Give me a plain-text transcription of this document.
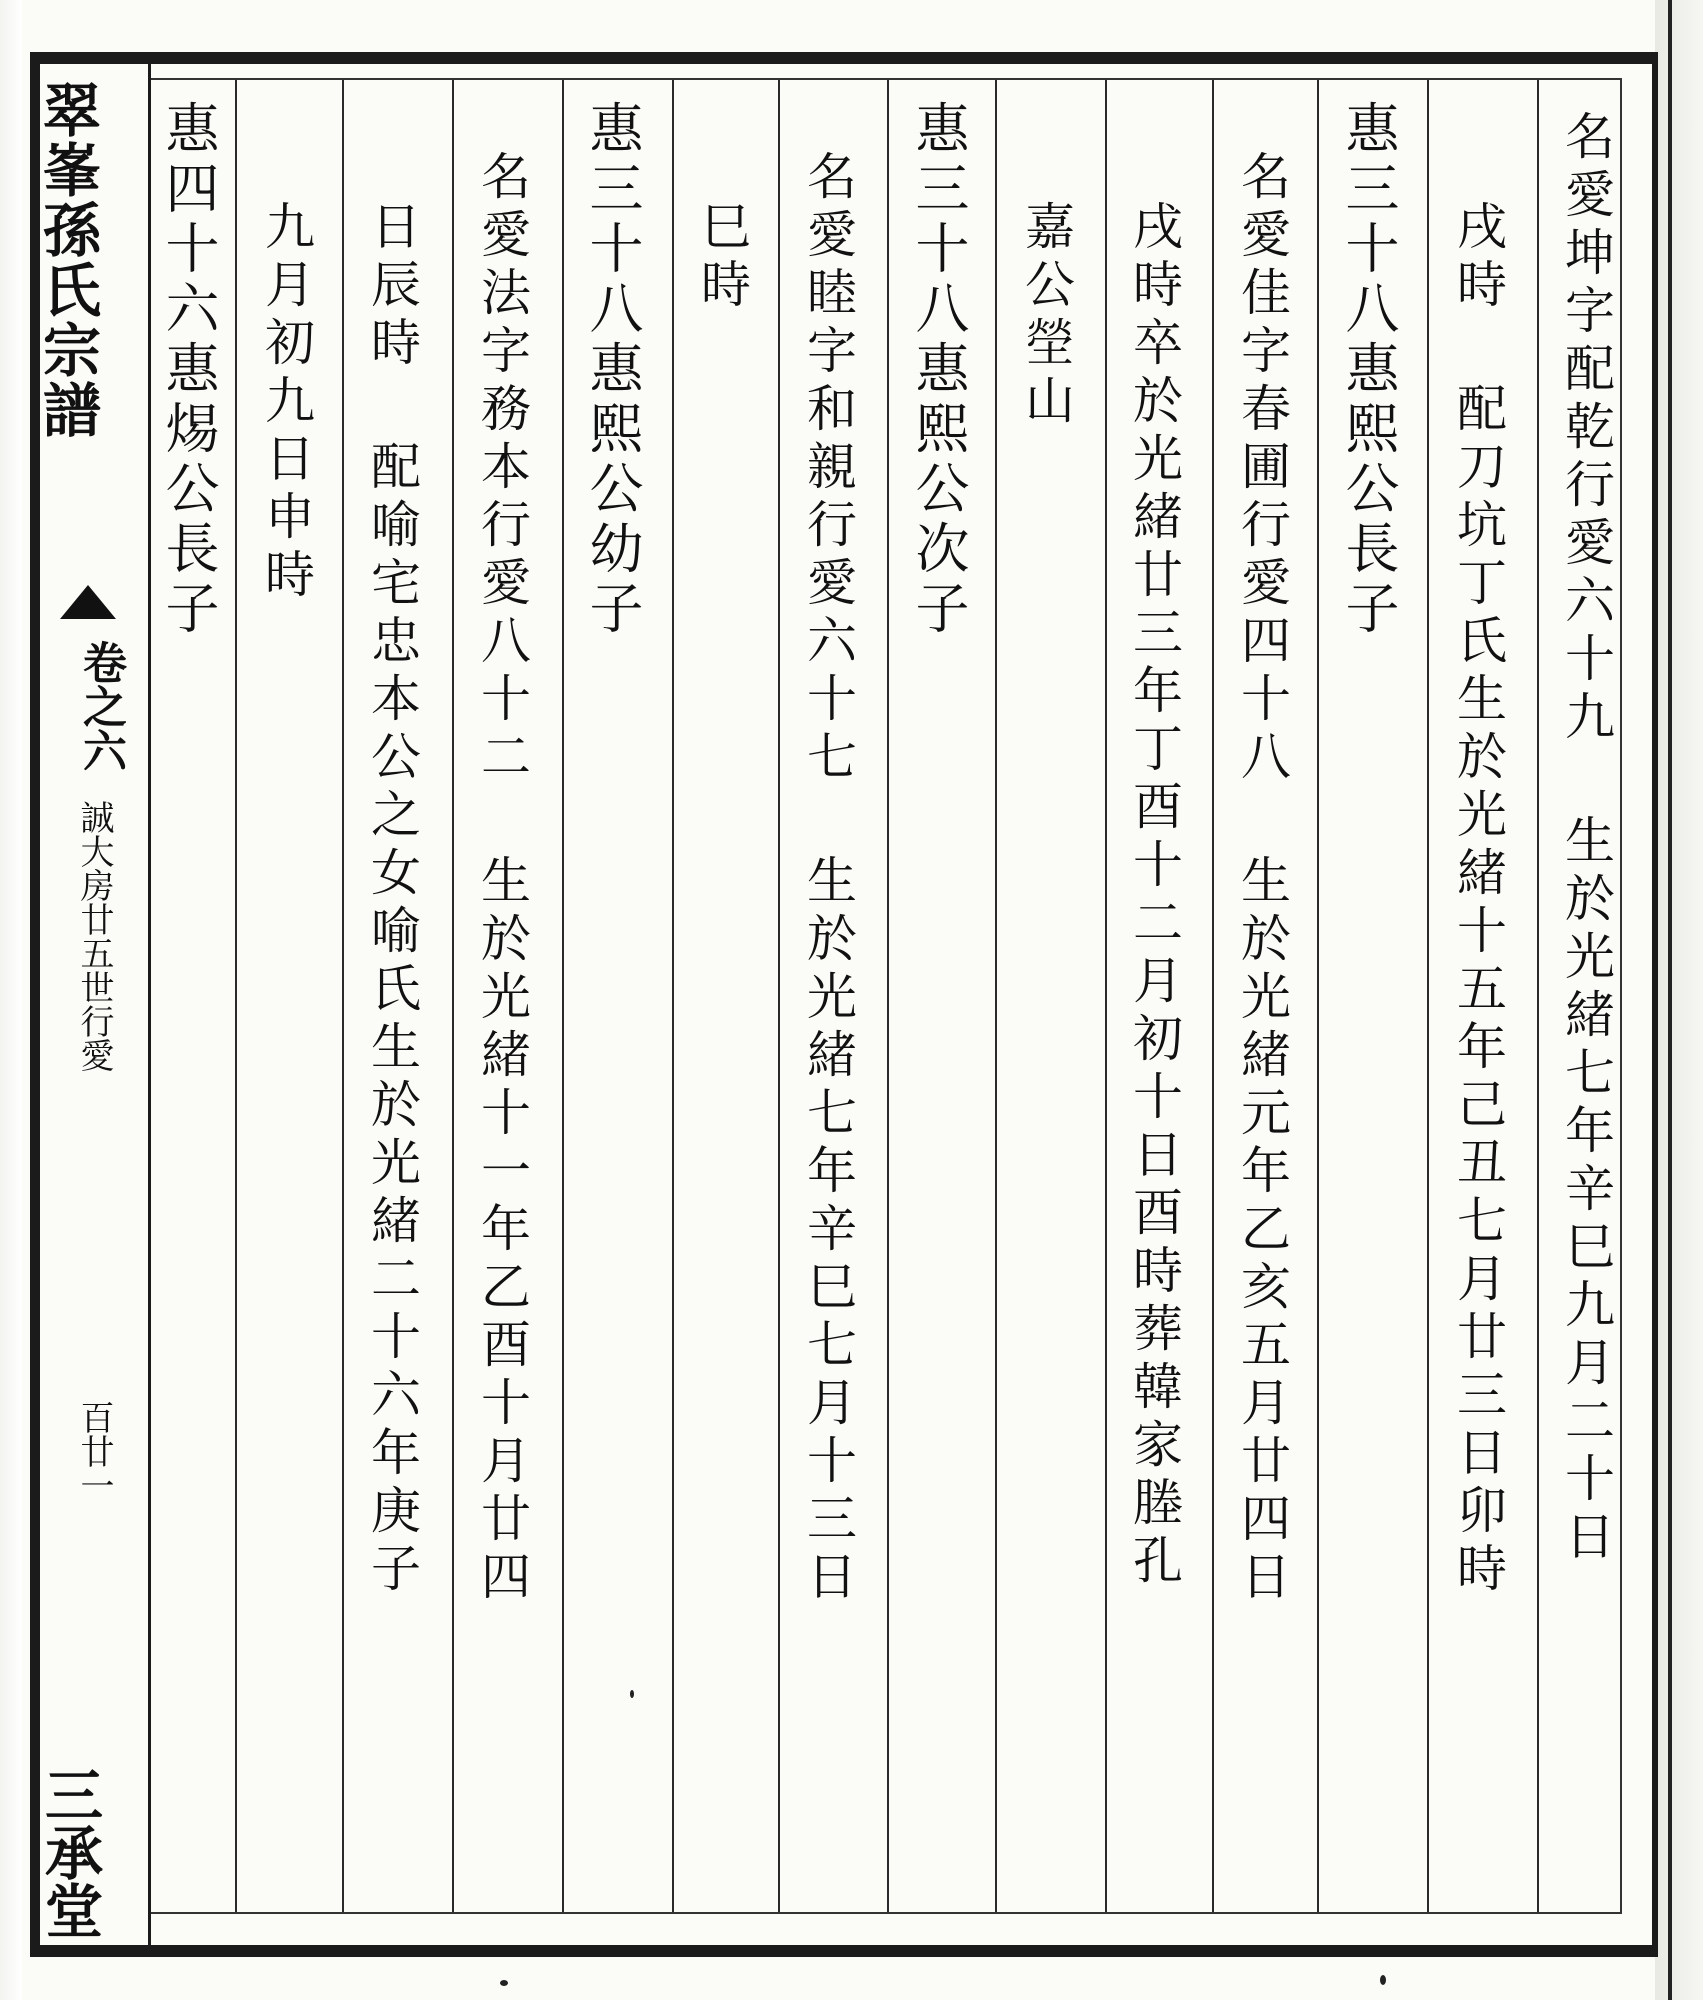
翠峯孫氏宗譜
卷之六
誠大房廿五世行愛
百廿一
三承堂
名愛坤字配乾行愛六十九 生於光緒七年辛巳九月二十日
戌時 配刀坑丁氏生於光緒十五年己丑七月廿三日卯時
惠三十八惠熙公長子
名愛佳字春圃行愛四十八 生於光緒元年乙亥五月廿四日
戌時卒於光緒廿三年丁酉十二月初十日酉時葬韓家塍孔
嘉公塋山
惠三十八惠熙公次子
名愛睦字和親行愛六十七 生於光緒七年辛巳七月十三日
巳時
惠三十八惠熙公幼子
名愛法字務本行愛八十二 生於光緒十一年乙酉十月廿四
日辰時 配喻宅忠本公之女喻氏生於光緒二十六年庚子
九月初九日申時
惠四十六惠焬公長子
